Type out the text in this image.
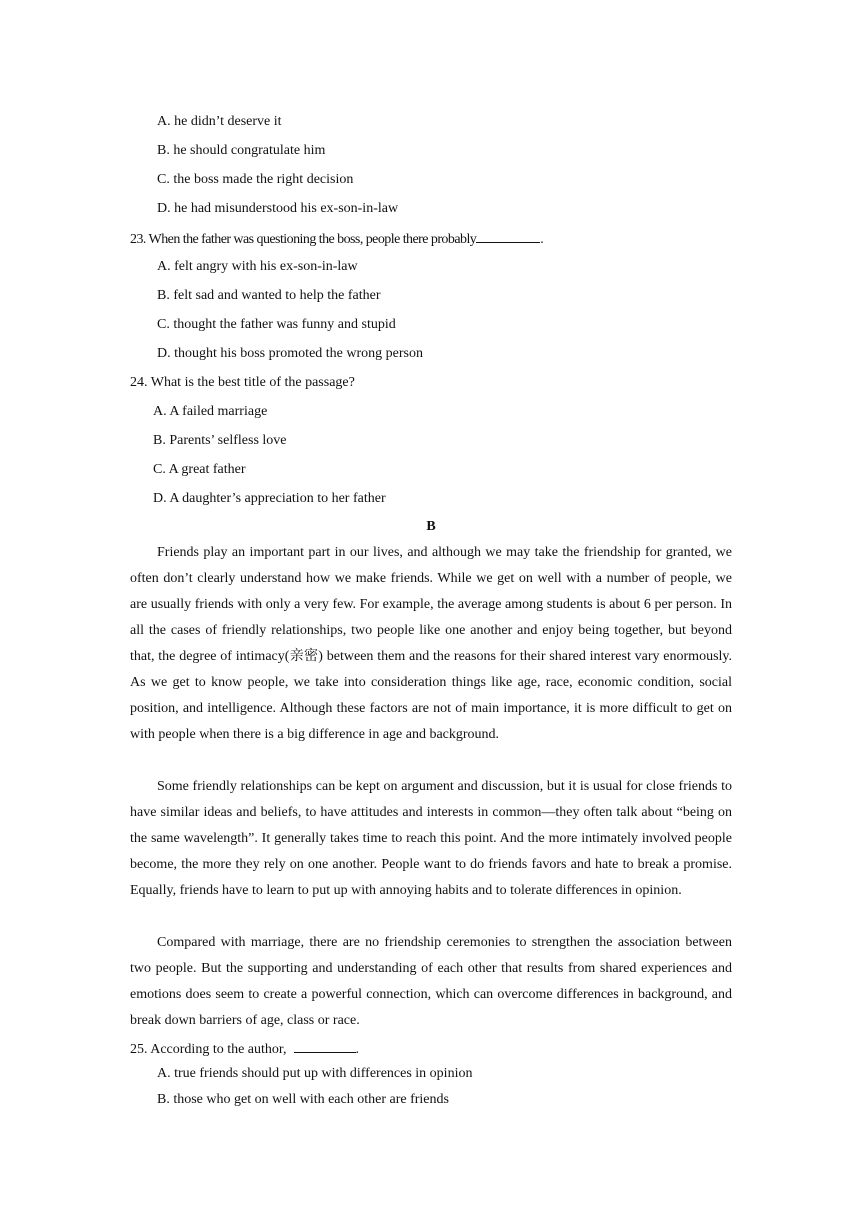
A. he didn’t deserve it
B. he should congratulate him
C. the boss made the right decision
D. he had misunderstood his ex-son-in-law
23. When the father was questioning the boss, people there probably	.
A. felt angry with his ex-son-in-law
B. felt sad and wanted to help the father
C. thought the father was funny and stupid
D. thought his boss promoted the wrong person
24. What is the best title of the passage?
A. A failed marriage
B. Parents’ selfless love
C. A great father
D. A daughter’s appreciation to her father
B
Friends play an important part in our lives, and although we may take the friendship for granted, we often don’t clearly understand how we make friends. While we get on well with a number of people, we are usually friends with only a very few. For example, the average among students is about 6 per person. In all the cases of friendly relationships, two people like one another and enjoy being together, but beyond that, the degree of intimacy(亲密) between them and the reasons for their shared interest vary enormously. As we get to know people, we take into consideration things like age, race, economic condition, social position, and intelligence. Although these factors are not of main importance, it is more difficult to get on with people when there is a big difference in age and background.
Some friendly relationships can be kept on argument and discussion, but it is usual for close friends to have similar ideas and beliefs, to have attitudes and interests in common—they often talk about “being on the same wavelength”. It generally takes time to reach this point. And the more intimately involved people become, the more they rely on one another. People want to do friends favors and hate to break a promise. Equally, friends have to learn to put up with annoying habits and to tolerate differences in opinion.
Compared with marriage, there are no friendship ceremonies to strengthen the association between two people. But the supporting and understanding of each other that results from shared experiences and emotions does seem to create a powerful connection, which can overcome differences in background, and break down barriers of age, class or race.
25. According to the author,	.
A. true friends should put up with differences in opinion
B. those who get on well with each other are friends
